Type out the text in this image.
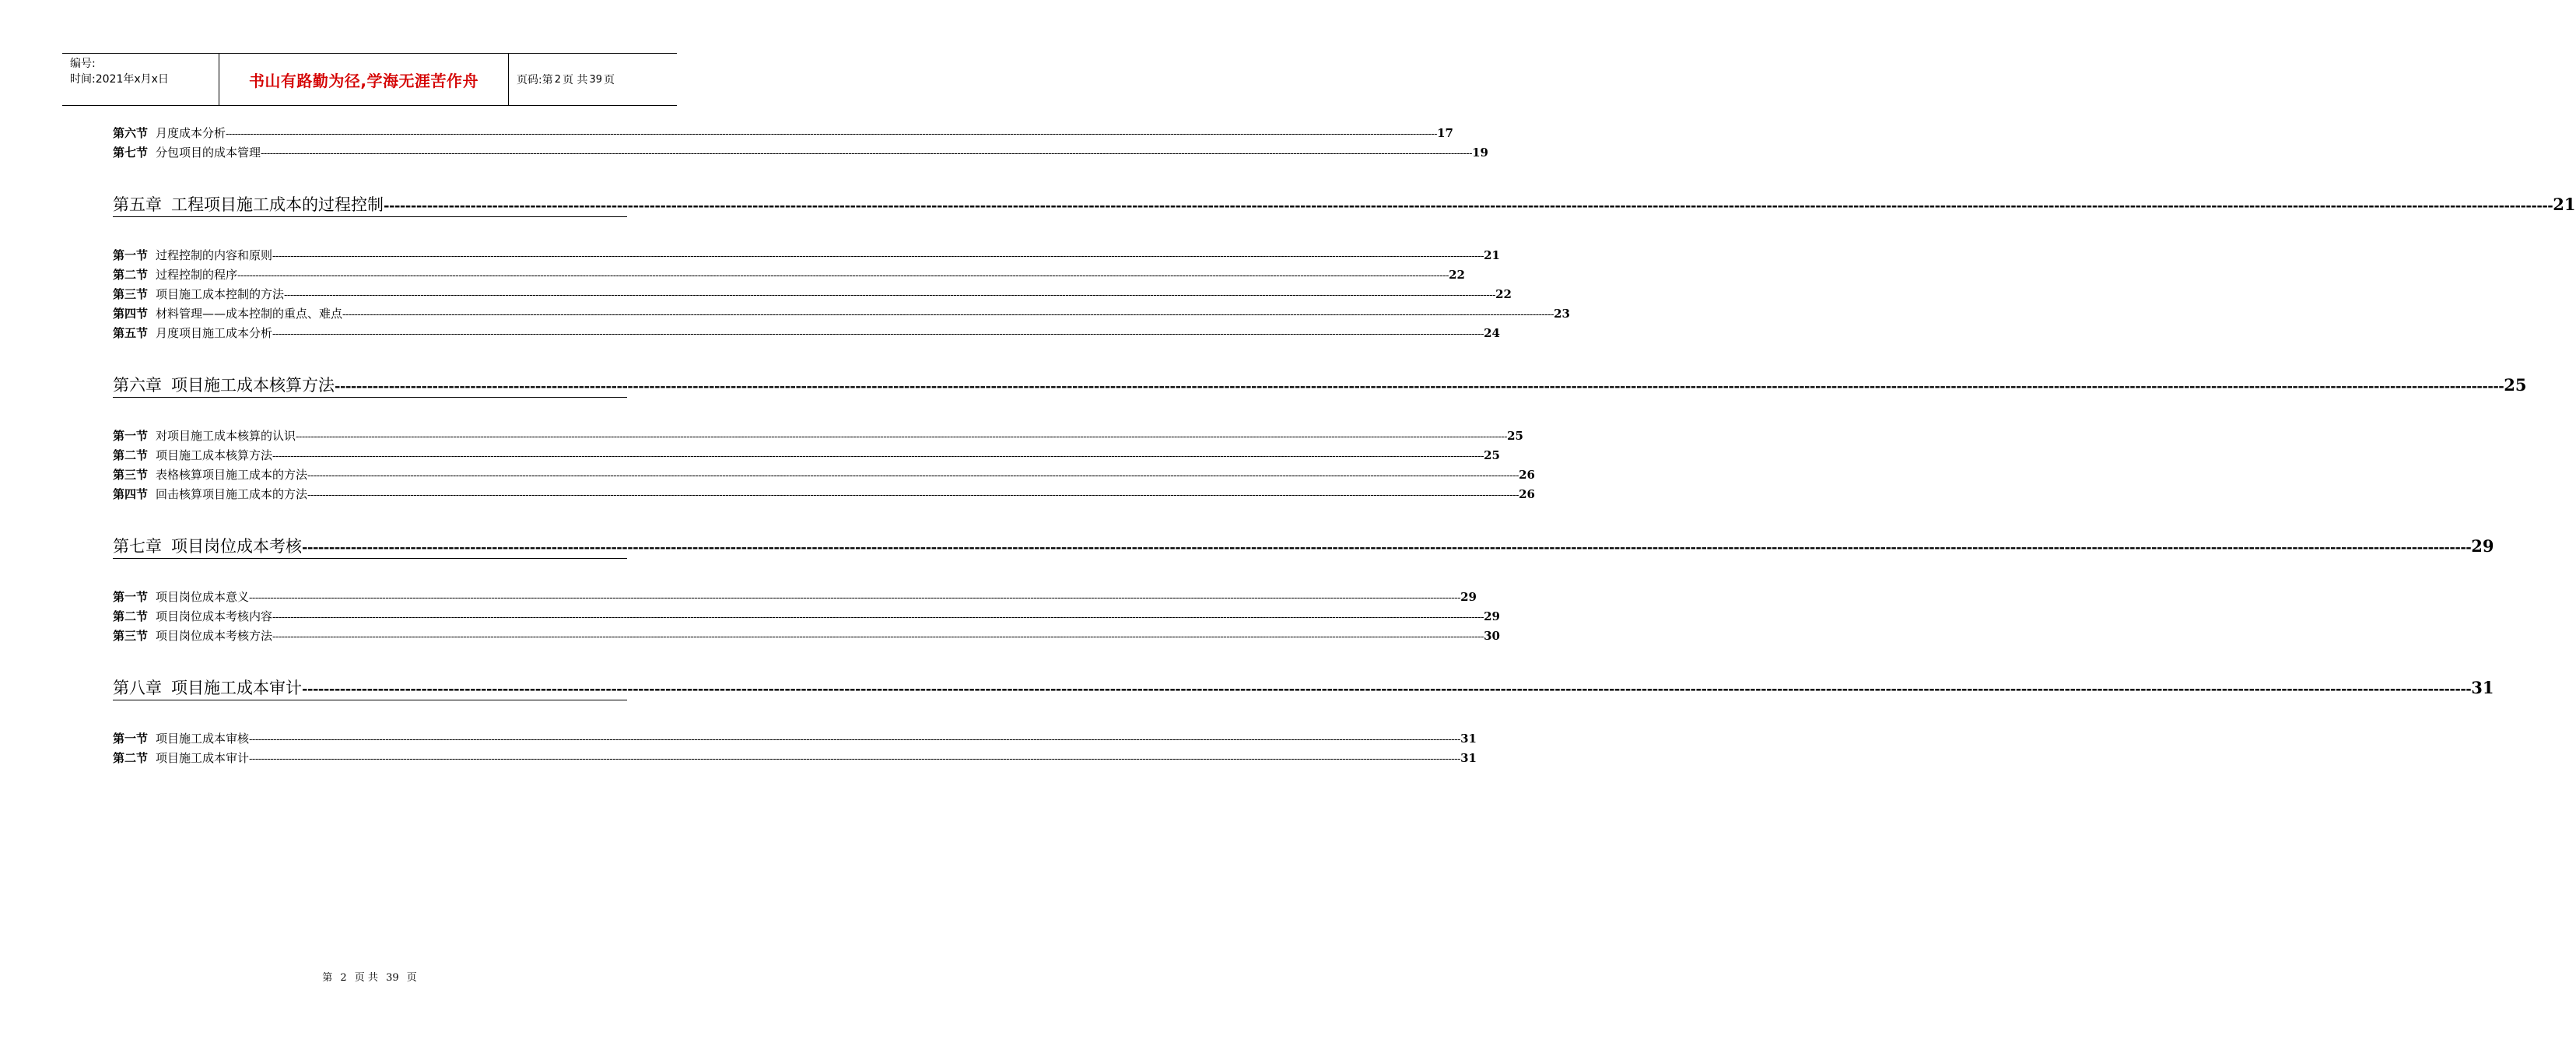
编号:
时间:2021年x月x日	书山有路勤为径,学海无涯苦作舟	页码:第 2 页 共 39 页
第六节 月度成本分析 ---------------------------------------------------------------------------------------------------------------------------------------------------------------------------------------------------------------------------------------------------------------------------------------------------------------------------------------------------------------------------------------------------------------- 17
第七节 分包项目的成本管理 ---------------------------------------------------------------------------------------------------------------------------------------------------------------------------------------------------------------------------------------------------------------------------------------------------------------------------------------------------------------------------------------------------------------- 19
第五章 工程项目施工成本的过程控制 ---------------------------------------------------------------------------------------------------------------------------------------------------------------------------------------------------------------------------------------------------------------------------------------------------------------------------------------------------------------------------------------------------------------- 21
第一节 过程控制的内容和原则 ---------------------------------------------------------------------------------------------------------------------------------------------------------------------------------------------------------------------------------------------------------------------------------------------------------------------------------------------------------------------------------------------------------------- 21
第二节 过程控制的程序 ---------------------------------------------------------------------------------------------------------------------------------------------------------------------------------------------------------------------------------------------------------------------------------------------------------------------------------------------------------------------------------------------------------------- 22
第三节 项目施工成本控制的方法 ---------------------------------------------------------------------------------------------------------------------------------------------------------------------------------------------------------------------------------------------------------------------------------------------------------------------------------------------------------------------------------------------------------------- 22
第四节 材料管理——成本控制的重点、难点 ---------------------------------------------------------------------------------------------------------------------------------------------------------------------------------------------------------------------------------------------------------------------------------------------------------------------------------------------------------------------------------------------------------------- 23
第五节 月度项目施工成本分析 ---------------------------------------------------------------------------------------------------------------------------------------------------------------------------------------------------------------------------------------------------------------------------------------------------------------------------------------------------------------------------------------------------------------- 24
第六章 项目施工成本核算方法 ---------------------------------------------------------------------------------------------------------------------------------------------------------------------------------------------------------------------------------------------------------------------------------------------------------------------------------------------------------------------------------------------------------------- 25
第一节 对项目施工成本核算的认识 ---------------------------------------------------------------------------------------------------------------------------------------------------------------------------------------------------------------------------------------------------------------------------------------------------------------------------------------------------------------------------------------------------------------- 25
第二节 项目施工成本核算方法 ---------------------------------------------------------------------------------------------------------------------------------------------------------------------------------------------------------------------------------------------------------------------------------------------------------------------------------------------------------------------------------------------------------------- 25
第三节 表格核算项目施工成本的方法 ---------------------------------------------------------------------------------------------------------------------------------------------------------------------------------------------------------------------------------------------------------------------------------------------------------------------------------------------------------------------------------------------------------------- 26
第四节 回击核算项目施工成本的方法 ---------------------------------------------------------------------------------------------------------------------------------------------------------------------------------------------------------------------------------------------------------------------------------------------------------------------------------------------------------------------------------------------------------------- 26
第七章 项目岗位成本考核 ---------------------------------------------------------------------------------------------------------------------------------------------------------------------------------------------------------------------------------------------------------------------------------------------------------------------------------------------------------------------------------------------------------------- 29
第一节 项目岗位成本意义 ---------------------------------------------------------------------------------------------------------------------------------------------------------------------------------------------------------------------------------------------------------------------------------------------------------------------------------------------------------------------------------------------------------------- 29
第二节 项目岗位成本考核内容 ---------------------------------------------------------------------------------------------------------------------------------------------------------------------------------------------------------------------------------------------------------------------------------------------------------------------------------------------------------------------------------------------------------------- 29
第三节 项目岗位成本考核方法 ---------------------------------------------------------------------------------------------------------------------------------------------------------------------------------------------------------------------------------------------------------------------------------------------------------------------------------------------------------------------------------------------------------------- 30
第八章 项目施工成本审计 ---------------------------------------------------------------------------------------------------------------------------------------------------------------------------------------------------------------------------------------------------------------------------------------------------------------------------------------------------------------------------------------------------------------- 31
第一节 项目施工成本审核 ---------------------------------------------------------------------------------------------------------------------------------------------------------------------------------------------------------------------------------------------------------------------------------------------------------------------------------------------------------------------------------------------------------------- 31
第二节 项目施工成本审计 ---------------------------------------------------------------------------------------------------------------------------------------------------------------------------------------------------------------------------------------------------------------------------------------------------------------------------------------------------------------------------------------------------------------- 31
第 2 页 共 39 页
